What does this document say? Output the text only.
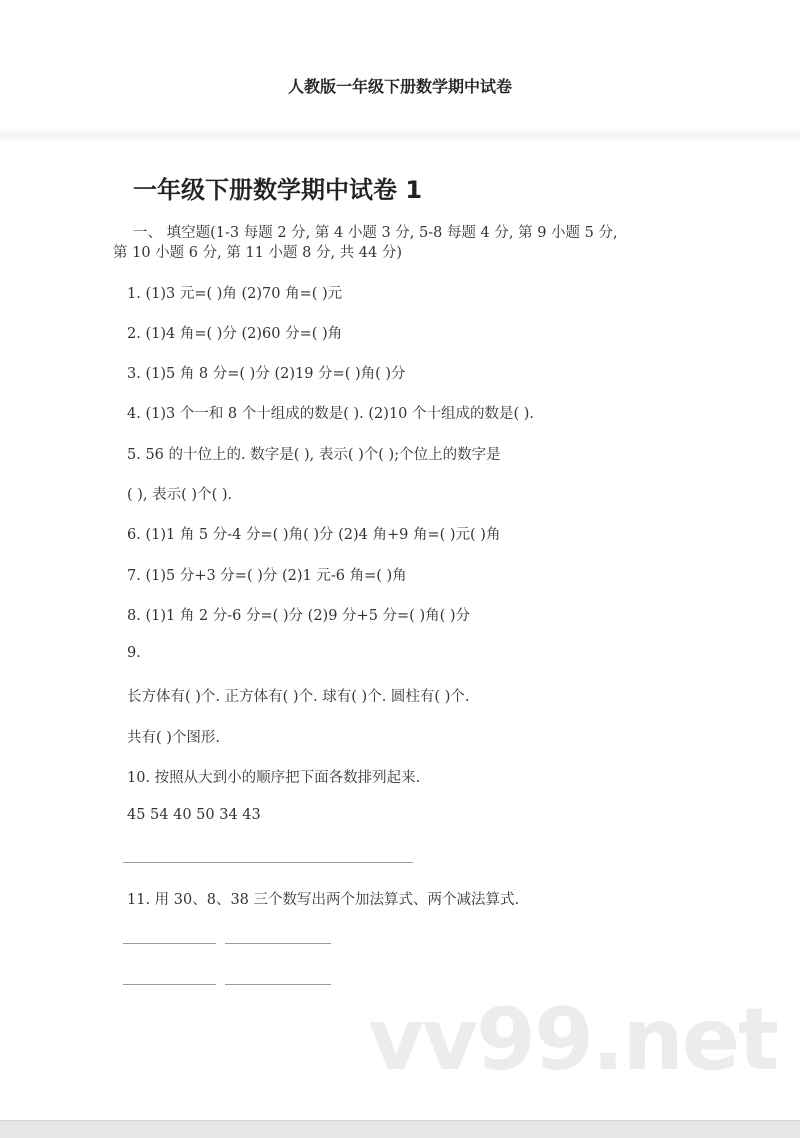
人教版一年级下册数学期中试卷
一年级下册数学期中试卷 1
一、 填空题(1-3 每题 2 分, 第 4 小题 3 分, 5-8 每题 4 分, 第 9 小题 5 分,
第 10 小题 6 分, 第 11 小题 8 分, 共 44 分)
1. (1)3 元=( )角 (2)70 角=( )元
2. (1)4 角=( )分 (2)60 分=( )角
3. (1)5 角 8 分=( )分 (2)19 分=( )角( )分
4. (1)3 个一和 8 个十组成的数是( ). (2)10 个十组成的数是( ).
5. 56 的十位上的. 数字是( ), 表示( )个( );个位上的数字是
( ), 表示( )个( ).
6. (1)1 角 5 分-4 分=( )角( )分 (2)4 角+9 角=( )元( )角
7. (1)5 分+3 分=( )分 (2)1 元-6 角=( )角
8. (1)1 角 2 分-6 分=( )分 (2)9 分+5 分=( )角( )分
9.
长方体有( )个. 正方体有( )个. 球有( )个. 圆柱有( )个.
共有( )个图形.
10. 按照从大到小的顺序把下面各数排列起来.
45 54 40 50 34 43
11. 用 30、8、38 三个数写出两个加法算式、两个减法算式.
vv99.net
